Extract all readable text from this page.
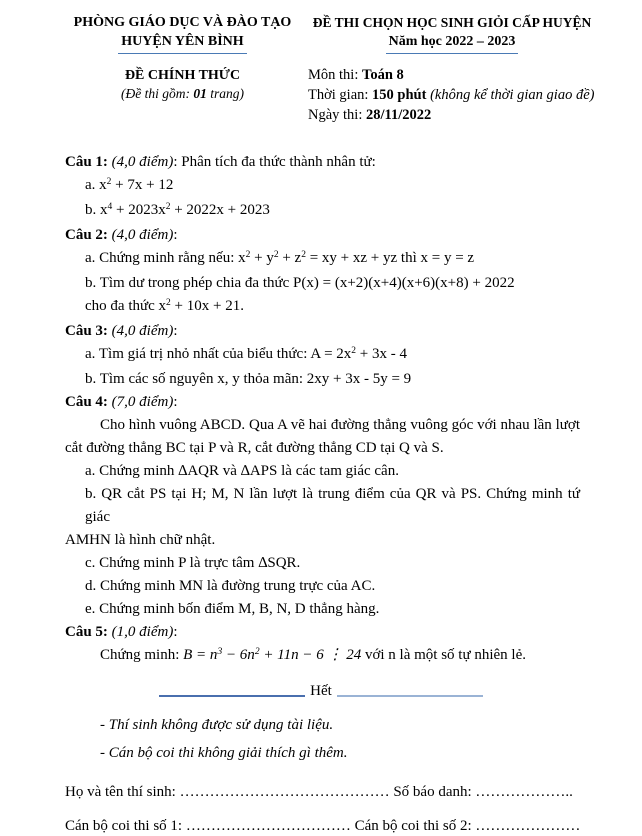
PHÒNG GIÁO DỤC VÀ ĐÀO TẠO
HUYỆN YÊN BÌNH
ĐỀ CHÍNH THỨC
(Đề thi gồm: 01 trang)
ĐỀ THI CHỌN HỌC SINH GIỎI CẤP HUYỆN
Năm học 2022 – 2023
Môn thi: Toán 8
Thời gian: 150 phút (không kể thời gian giao đề)
Ngày thi: 28/11/2022
Câu 1: (4,0 điểm): Phân tích đa thức thành nhân tử:
a. $x^2 + 7x + 12$
b. $x^4 + 2023x^2 + 2022x + 2023$
Câu 2: (4,0 điểm):
a. Chứng minh rằng nếu: $x^2 + y^2 + z^2$ = xy + xz + yz thì x = y = z
b. Tìm dư trong phép chia đa thức P(x) = (x+2)(x+4)(x+6)(x+8) + 2022
cho đa thức $x^2 + 10x + 21$.
Câu 3: (4,0 điểm):
a. Tìm giá trị nhỏ nhất của biểu thức: $A = 2x^2 + 3x - 4$
b. Tìm các số nguyên x, y thỏa mãn: 2xy + 3x - 5y = 9
Câu 4: (7,0 điểm):
Cho hình vuông ABCD. Qua A vẽ hai đường thẳng vuông góc với nhau lần lượt
cắt đường thẳng BC tại P và R, cắt đường thẳng CD tại Q và S.
a. Chứng minh ∆AQR và ∆APS là các tam giác cân.
b. QR cắt PS tại H; M, N lần lượt là trung điểm của QR và PS. Chứng minh tứ giác
AMHN là hình chữ nhật.
c. Chứng minh P là trực tâm ∆SQR.
d. Chứng minh MN là đường trung trực của AC.
e. Chứng minh bốn điểm M, B, N, D thẳng hàng.
Câu 5: (1,0 điểm):
Chứng minh: $B = n^3 - 6n^2 + 11n - 6$ ⋮ 24 với n là một số tự nhiên lẻ.
Hết
- Thí sinh không được sử dụng tài liệu.
- Cán bộ coi thi không giải thích gì thêm.
Họ và tên thí sinh: …………………………………… Số báo danh: ………………..
Cán bộ coi thi số 1: …………………………… Cán bộ coi thi số 2: …………………
